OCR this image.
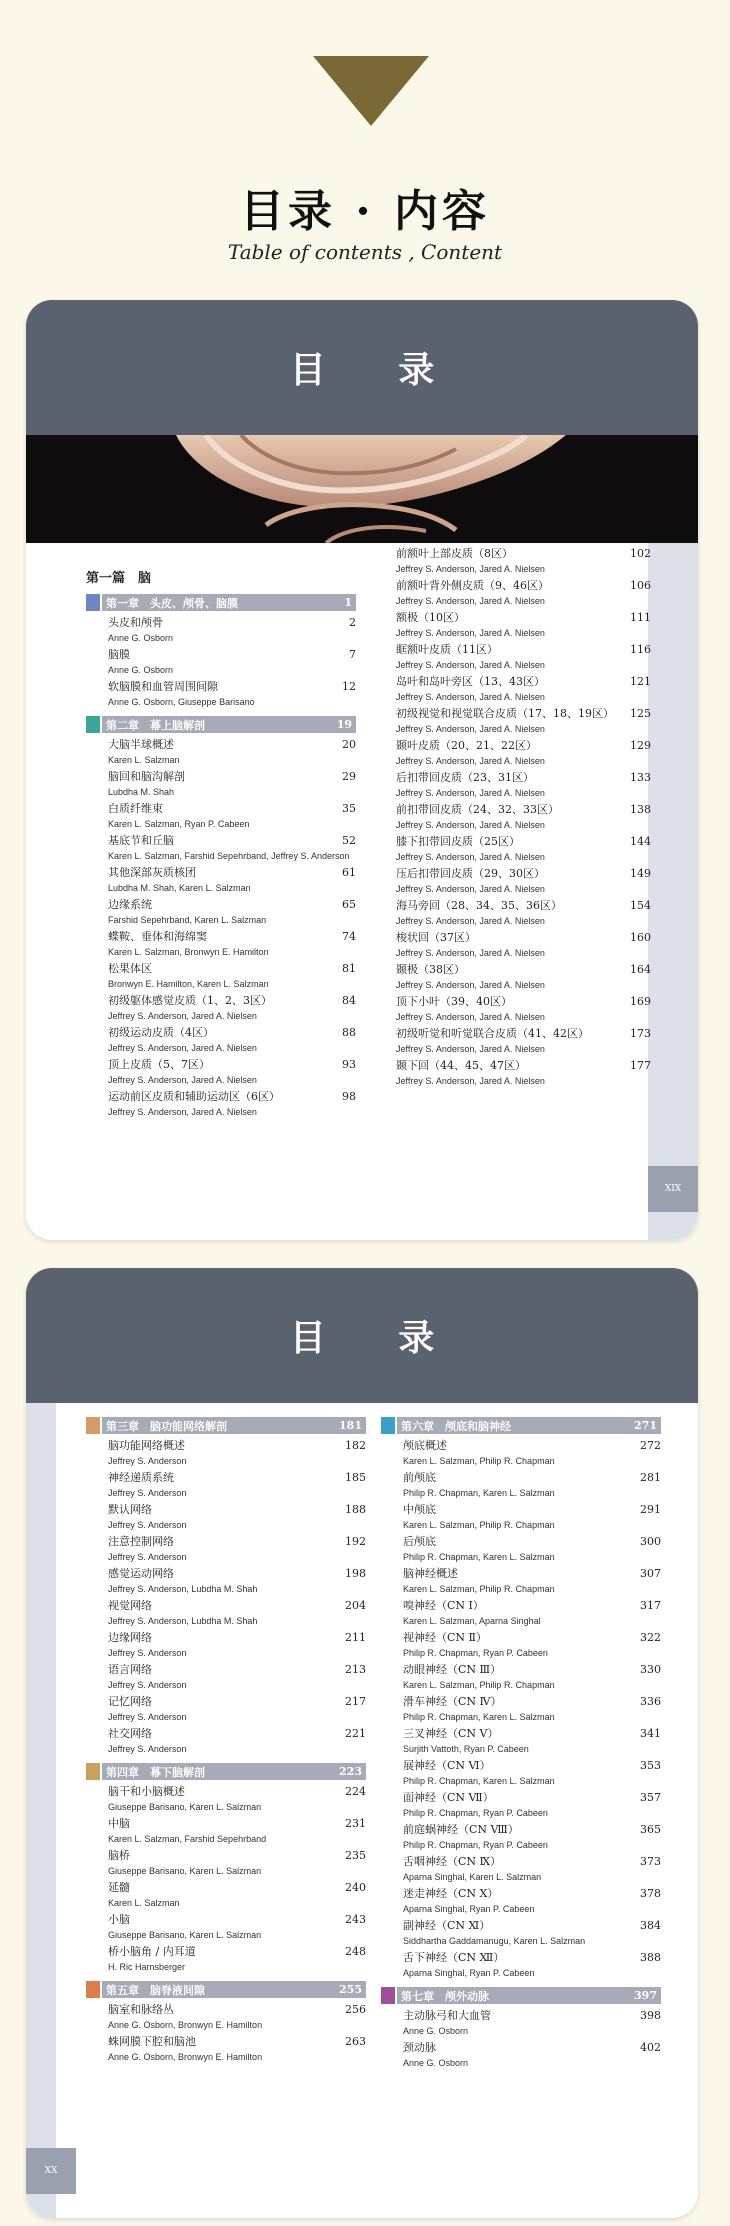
目录 · 内容
Table of contents , Content
目 录
XIX
第一篇　脑
第一章　头皮、颅骨、脑膜	1
头皮和颅骨	2
Anne G. Osborn
脑膜	7
Anne G. Osborn
软脑膜和血管周围间隙	12
Anne G. Osborn, Giuseppe Barisano
第二章　幕上脑解剖	19
大脑半球概述	20
Karen L. Salzman
脑回和脑沟解剖	29
Lubdha M. Shah
白质纤维束	35
Karen L. Salzman, Ryan P. Cabeen
基底节和丘脑	52
Karen L. Salzman, Farshid Sepehrband, Jeffrey S. Anderson
其他深部灰质核团	61
Lubdha M. Shah, Karen L. Salzman
边缘系统	65
Farshid Sepehrband, Karen L. Salzman
蝶鞍、垂体和海绵窦	74
Karen L. Salzman, Bronwyn E. Hamilton
松果体区	81
Bronwyn E. Hamilton, Karen L. Salzman
初级躯体感觉皮质（1、2、3区）	84
Jeffrey S. Anderson, Jared A. Nielsen
初级运动皮质（4区）	88
Jeffrey S. Anderson, Jared A. Nielsen
顶上皮质（5、7区）	93
Jeffrey S. Anderson, Jared A. Nielsen
运动前区皮质和辅助运动区（6区）	98
Jeffrey S. Anderson, Jared A. Nielsen
前额叶上部皮质（8区）	102
Jeffrey S. Anderson, Jared A. Nielsen
前额叶背外侧皮质（9、46区）	106
Jeffrey S. Anderson, Jared A. Nielsen
额极（10区）	111
Jeffrey S. Anderson, Jared A. Nielsen
眶额叶皮质（11区）	116
Jeffrey S. Anderson, Jared A. Nielsen
岛叶和岛叶旁区（13、43区）	121
Jeffrey S. Anderson, Jared A. Nielsen
初级视觉和视觉联合皮质（17、18、19区） 125
Jeffrey S. Anderson, Jared A. Nielsen
颞叶皮质（20、21、22区）	129
Jeffrey S. Anderson, Jared A. Nielsen
后扣带回皮质（23、31区）	133
Jeffrey S. Anderson, Jared A. Nielsen
前扣带回皮质（24、32、33区）	138
Jeffrey S. Anderson, Jared A. Nielsen
膝下扣带回皮质（25区）	144
Jeffrey S. Anderson, Jared A. Nielsen
压后扣带回皮质（29、30区）	149
Jeffrey S. Anderson, Jared A. Nielsen
海马旁回（28、34、35、36区）	154
Jeffrey S. Anderson, Jared A. Nielsen
梭状回（37区）	160
Jeffrey S. Anderson, Jared A. Nielsen
颞极（38区）	164
Jeffrey S. Anderson, Jared A. Nielsen
顶下小叶（39、40区）	169
Jeffrey S. Anderson, Jared A. Nielsen
初级听觉和听觉联合皮质（41、42区）	173
Jeffrey S. Anderson, Jared A. Nielsen
颞下回（44、45、47区）	177
Jeffrey S. Anderson, Jared A. Nielsen
目 录
XX
第三章　脑功能网络解剖	181
脑功能网络概述	182
Jeffrey S. Anderson
神经递质系统	185
Jeffrey S. Anderson
默认网络	188
Jeffrey S. Anderson
注意控制网络	192
Jeffrey S. Anderson
感觉运动网络	198
Jeffrey S. Anderson, Lubdha M. Shah
视觉网络	204
Jeffrey S. Anderson, Lubdha M. Shah
边缘网络	211
Jeffrey S. Anderson
语言网络	213
Jeffrey S. Anderson
记忆网络	217
Jeffrey S. Anderson
社交网络	221
Jeffrey S. Anderson
第四章　幕下脑解剖	223
脑干和小脑概述	224
Giuseppe Barisano, Karen L. Salzman
中脑	231
Karen L. Salzman, Farshid Sepehrband
脑桥	235
Giuseppe Barisano, Karen L. Salzman
延髓	240
Karen L. Salzman
小脑	243
Giuseppe Barisano, Karen L. Salzman
桥小脑角 / 内耳道	248
H. Ric Harnsberger
第五章　脑脊液间隙	255
脑室和脉络丛	256
Anne G. Osborn, Bronwyn E. Hamilton
蛛网膜下腔和脑池	263
Anne G. Osborn, Bronwyn E. Hamilton
第六章　颅底和脑神经	271
颅底概述	272
Karen L. Salzman, Philip R. Chapman
前颅底	281
Philip R. Chapman, Karen L. Salzman
中颅底	291
Karen L. Salzman, Philip R. Chapman
后颅底	300
Philip R. Chapman, Karen L. Salzman
脑神经概述	307
Karen L. Salzman, Philip R. Chapman
嗅神经（CN Ⅰ）	317
Karen L. Salzman, Aparna Singhal
视神经（CN Ⅱ）	322
Philip R. Chapman, Ryan P. Cabeen
动眼神经（CN Ⅲ）	330
Karen L. Salzman, Philip R. Chapman
滑车神经（CN Ⅳ）	336
Philip R. Chapman, Karen L. Salzman
三叉神经（CN Ⅴ）	341
Surjith Vattoth, Ryan P. Cabeen
展神经（CN Ⅵ）	353
Philip R. Chapman, Karen L. Salzman
面神经（CN Ⅶ）	357
Philip R. Chapman, Ryan P. Cabeen
前庭蜗神经（CN Ⅷ）	365
Philip R. Chapman, Ryan P. Cabeen
舌咽神经（CN Ⅸ）	373
Aparna Singhal, Karen L. Salzman
迷走神经（CN Ⅹ）	378
Aparna Singhal, Ryan P. Cabeen
副神经（CN Ⅺ）	384
Siddhartha Gaddamanugu, Karen L. Salzman
舌下神经（CN Ⅻ）	388
Aparna Singhal, Ryan P. Cabeen
第七章　颅外动脉	397
主动脉弓和大血管	398
Anne G. Osborn
颈动脉	402
Anne G. Osborn
